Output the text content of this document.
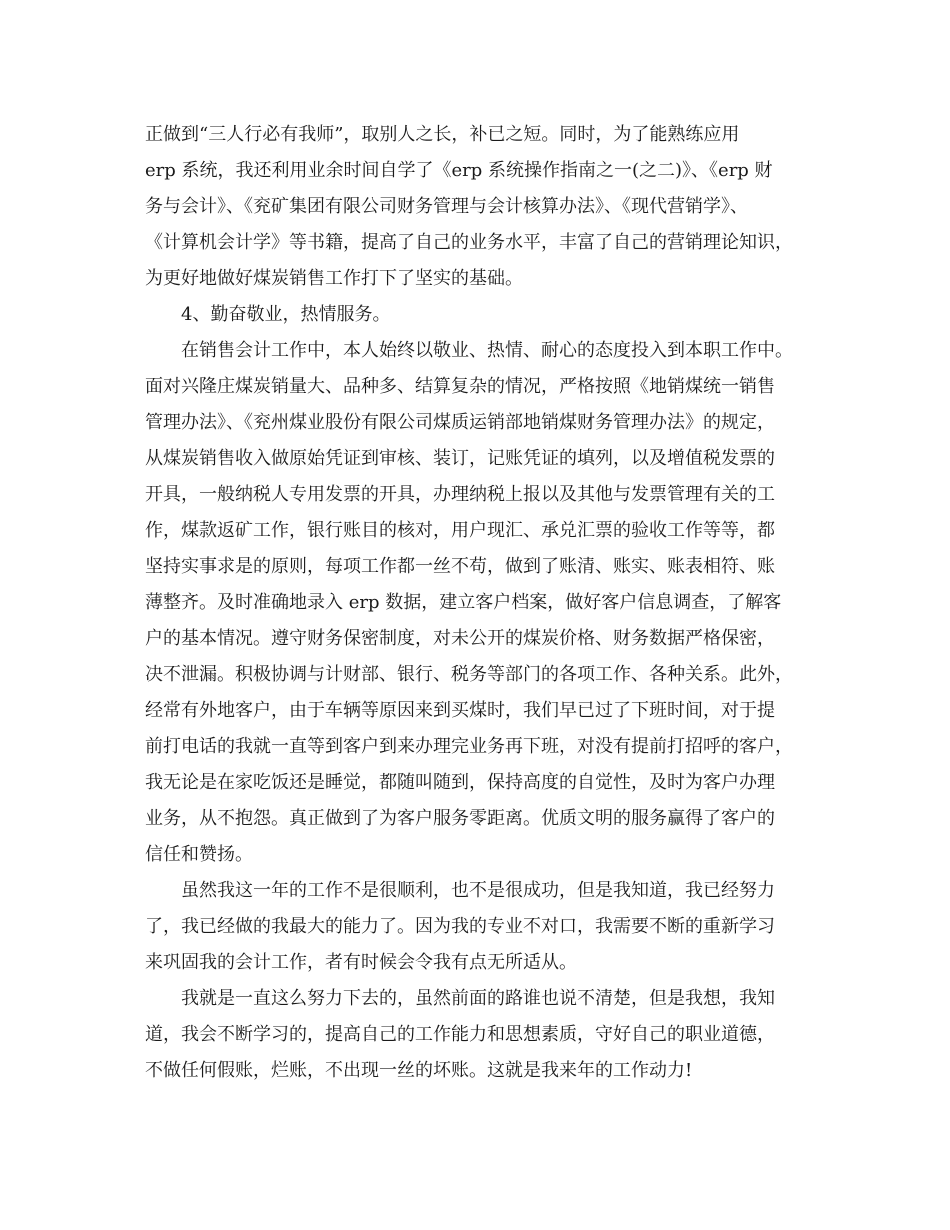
正做到“三人行必有我师”，取别人之长，补已之短。同时，为了能熟练应用
erp 系统，我还利用业余时间自学了《erp 系统操作指南之一(之二)》、《erp 财
务与会计》、《兖矿集团有限公司财务管理与会计核算办法》、《现代营销学》、
《计算机会计学》等书籍，提高了自己的业务水平，丰富了自己的营销理论知识，
为更好地做好煤炭销售工作打下了坚实的基础。
　　4、勤奋敬业，热情服务。
　　在销售会计工作中，本人始终以敬业、热情、耐心的态度投入到本职工作中。
面对兴隆庄煤炭销量大、品种多、结算复杂的情况，严格按照《地销煤统一销售
管理办法》、《兖州煤业股份有限公司煤质运销部地销煤财务管理办法》的规定，
从煤炭销售收入做原始凭证到审核、装订，记账凭证的填列，以及增值税发票的
开具，一般纳税人专用发票的开具，办理纳税上报以及其他与发票管理有关的工
作，煤款返矿工作，银行账目的核对，用户现汇、承兑汇票的验收工作等等，都
坚持实事求是的原则，每项工作都一丝不苟，做到了账清、账实、账表相符、账
薄整齐。及时准确地录入 erp 数据，建立客户档案，做好客户信息调查，了解客
户的基本情况。遵守财务保密制度，对未公开的煤炭价格、财务数据严格保密，
决不泄漏。积极协调与计财部、银行、税务等部门的各项工作、各种关系。此外，
经常有外地客户，由于车辆等原因来到买煤时，我们早已过了下班时间，对于提
前打电话的我就一直等到客户到来办理完业务再下班，对没有提前打招呼的客户，
我无论是在家吃饭还是睡觉，都随叫随到，保持高度的自觉性，及时为客户办理
业务，从不抱怨。真正做到了为客户服务零距离。优质文明的服务赢得了客户的
信任和赞扬。
　　虽然我这一年的工作不是很顺利，也不是很成功，但是我知道，我已经努力
了，我已经做的我最大的能力了。因为我的专业不对口，我需要不断的重新学习
来巩固我的会计工作，者有时候会令我有点无所适从。
　　我就是一直这么努力下去的，虽然前面的路谁也说不清楚，但是我想，我知
道，我会不断学习的，提高自己的工作能力和思想素质，守好自己的职业道德，
不做任何假账，烂账，不出现一丝的坏账。这就是我来年的工作动力!
